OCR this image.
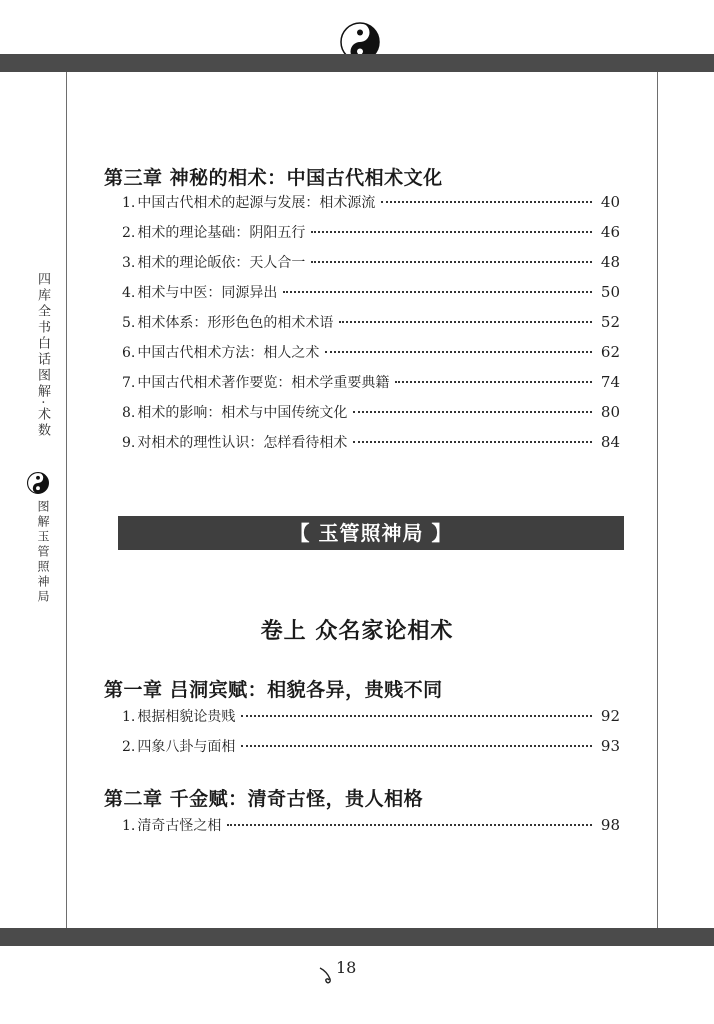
四库全书白话图解·术数
图解玉管照神局
第三章 神秘的相术：中国古代相术文化
1. 中国古代相术的起源与发展：相术源流	40
2. 相术的理论基础：阴阳五行	46
3. 相术的理论皈依：天人合一	48
4. 相术与中医：同源异出	50
5. 相术体系：形形色色的相术术语	52
6. 中国古代相术方法：相人之术	62
7. 中国古代相术著作要览：相术学重要典籍	74
8. 相术的影响：相术与中国传统文化	80
9. 对相术的理性认识：怎样看待相术	84
【 玉管照神局 】
卷上 众名家论相术
第一章 吕洞宾赋：相貌各异，贵贱不同
1. 根据相貌论贵贱	92
2. 四象八卦与面相	93
第二章 千金赋：清奇古怪，贵人相格
1. 清奇古怪之相	98
18
